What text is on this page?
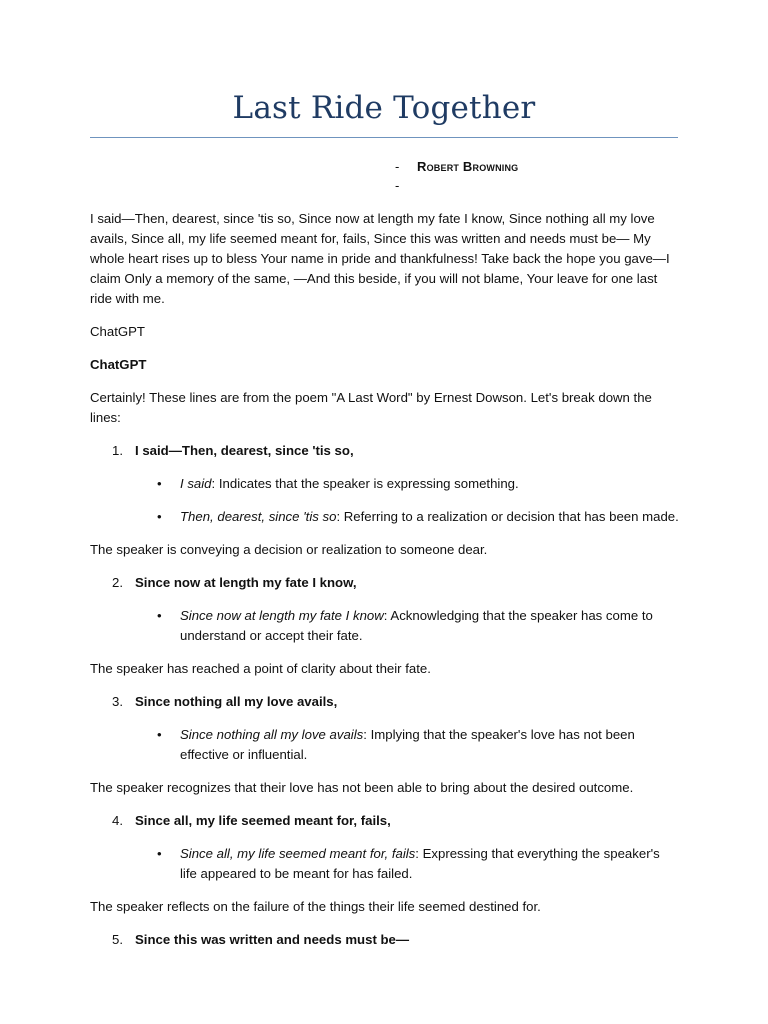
Last Ride Together
- Robert Browning
-

I said—Then, dearest, since 'tis so, Since now at length my fate I know, Since nothing all my love avails, Since all, my life seemed meant for, fails, Since this was written and needs must be— My whole heart rises up to bless Your name in pride and thankfulness! Take back the hope you gave—I claim Only a memory of the same, —And this beside, if you will not blame, Your leave for one last ride with me.

ChatGPT

ChatGPT

Certainly! These lines are from the poem "A Last Word" by Ernest Dowson. Let's break down the lines:

1. I said—Then, dearest, since 'tis so,
•	I said: Indicates that the speaker is expressing something.
•	Then, dearest, since 'tis so: Referring to a realization or decision that has been made.

The speaker is conveying a decision or realization to someone dear.

2. Since now at length my fate I know,
•	Since now at length my fate I know: Acknowledging that the speaker has come to understand or accept their fate.

The speaker has reached a point of clarity about their fate.

3. Since nothing all my love avails,
•	Since nothing all my love avails: Implying that the speaker's love has not been effective or influential.

The speaker recognizes that their love has not been able to bring about the desired outcome.

4. Since all, my life seemed meant for, fails,
•	Since all, my life seemed meant for, fails: Expressing that everything the speaker's life appeared to be meant for has failed.

The speaker reflects on the failure of the things their life seemed destined for.

5. Since this was written and needs must be—
